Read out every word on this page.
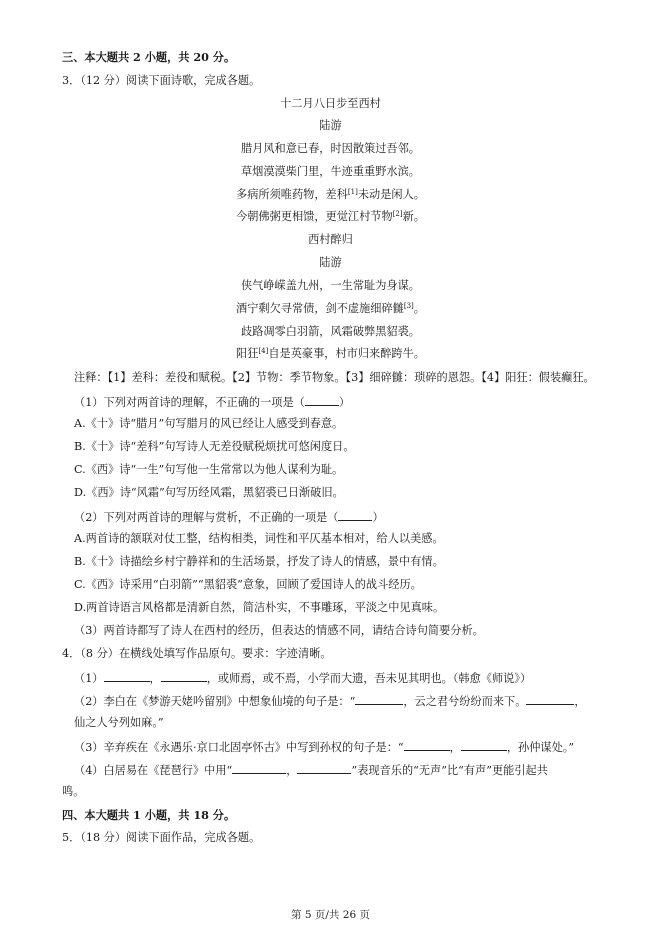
三、本大题共 2 小题，共 20 分。
3．（12 分）阅读下面诗歌，完成各题。
十二月八日步至西村
陆游
腊月风和意已春，时因散策过吾邻。
草烟漠漠柴门里，牛迹重重野水滨。
多病所须唯药物，差科[1]未动是闲人。
今朝佛粥更相馈，更觉江村节物[2]新。
西村醉归
陆游
侠气峥嵘盖九州，一生常耻为身谋。
酒宁剩欠寻常债，剑不虚施细碎雠[3]。
歧路凋零白羽箭，风霜破弊黑貂裘。
阳狂[4]自是英豪事，村市归来醉跨牛。
注释：【1】差科：差役和赋税。【2】节物：季节物象。【3】细碎雠：琐碎的恩怨。【4】阳狂：假装癫狂。
（1）下列对两首诗的理解，不正确的一项是（	）
A.《十》诗“腊月”句写腊月的风已经让人感受到春意。
B.《十》诗“差科”句写诗人无差役赋税烦扰可悠闲度日。
C.《西》诗“一生”句写他一生常常以为他人谋利为耻。
D.《西》诗“风霜”句写历经风霜，黑貂裘已日渐破旧。
（2）下列对两首诗的理解与赏析，不正确的一项是（	）
A.两首诗的颔联对仗工整，结构相类，词性和平仄基本相对，给人以美感。
B.《十》诗描绘乡村宁静祥和的生活场景，抒发了诗人的情感，景中有情。
C.《西》诗采用“白羽箭”“黑貂裘”意象，回顾了爱国诗人的战斗经历。
D.两首诗语言风格都是清新自然，简洁朴实，不事雕琢，平淡之中见真味。
（3）两首诗都写了诗人在西村的经历，但表达的情感不同，请结合诗句简要分析。
4．（8 分）在横线处填写作品原句。要求：字迹清晰。
（1）	，	，或师焉，或不焉，小学而大遗，吾未见其明也。（韩愈《师说》）
（2）李白在《梦游天姥吟留别》中想象仙境的句子是：“	，云之君兮纷纷而来下。	，
仙之人兮列如麻。”
（3）辛弃疾在《永遇乐·京口北固亭怀古》中写到孙权的句子是：“	，	，孙仲谋处。”
（4）白居易在《琵琶行》中用“	，	”表现音乐的“无声”比“有声”更能引起共
鸣。
四、本大题共 1 小题，共 18 分。
5．（18 分）阅读下面作品，完成各题。
第 5 页/共 26 页
